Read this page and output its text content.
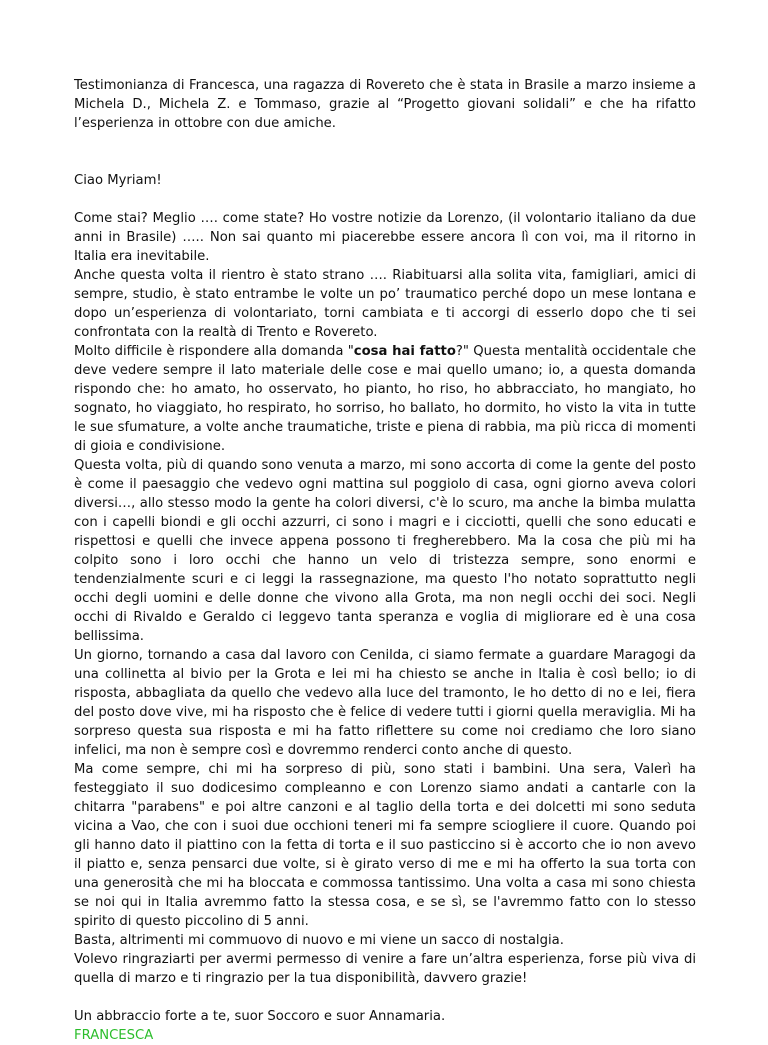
Testimonianza di Francesca, una ragazza di Rovereto che è stata in Brasile a marzo insieme a Michela D., Michela Z. e Tommaso, grazie al “Progetto giovani solidali” e che ha rifatto l’esperienza in ottobre con due amiche.

Ciao Myriam!

Come stai? Meglio …. come state? Ho vostre notizie da Lorenzo, (il volontario italiano da due anni in Brasile) ….. Non sai quanto mi piacerebbe essere ancora lì con voi, ma il ritorno in Italia era inevitabile.

Anche questa volta il rientro è stato strano …. Riabituarsi alla solita vita, famigliari, amici di sempre, studio, è stato entrambe le volte un po’ traumatico perché dopo un mese lontana e dopo un’esperienza di volontariato, torni cambiata e ti accorgi di esserlo dopo che ti sei confrontata con la realtà di Trento e Rovereto.

Molto difficile è rispondere alla domanda "cosa hai fatto?" Questa mentalità occidentale che deve vedere sempre il lato materiale delle cose e mai quello umano; io, a questa domanda rispondo che: ho amato, ho osservato, ho pianto, ho riso, ho abbracciato, ho mangiato, ho sognato, ho viaggiato, ho respirato, ho sorriso, ho ballato, ho dormito, ho visto la vita in tutte le sue sfumature, a volte anche traumatiche, triste e piena di rabbia, ma più ricca di momenti di gioia e condivisione.

Questa volta, più di quando sono venuta a marzo, mi sono accorta di come la gente del posto è come il paesaggio che vedevo ogni mattina sul poggiolo di casa, ogni giorno aveva colori diversi…, allo stesso modo la gente ha colori diversi, c'è lo scuro, ma anche la bimba mulatta con i capelli biondi e gli occhi azzurri, ci sono i magri e i cicciotti, quelli che sono educati e rispettosi e quelli che invece appena possono ti fregherebbero. Ma la cosa che più mi ha colpito sono i loro occhi che hanno un velo di tristezza sempre, sono enormi e tendenzialmente scuri e ci leggi la rassegnazione, ma questo l'ho notato soprattutto negli occhi degli uomini e delle donne che vivono alla Grota, ma non negli occhi dei soci. Negli occhi di Rivaldo e Geraldo ci leggevo tanta speranza e voglia di migliorare ed è una cosa bellissima.

Un giorno, tornando a casa dal lavoro con Cenilda, ci siamo fermate a guardare Maragogi da una collinetta al bivio per la Grota e lei mi ha chiesto se anche in Italia è così bello; io di risposta, abbagliata da quello che vedevo alla luce del tramonto, le ho detto di no e lei, fiera del posto dove vive, mi ha risposto che è felice di vedere tutti i giorni quella meraviglia. Mi ha sorpreso questa sua risposta e mi ha fatto riflettere su come noi crediamo che loro siano infelici, ma non è sempre così e dovremmo renderci conto anche di questo.

Ma come sempre, chi mi ha sorpreso di più, sono stati i bambini. Una sera, Valerì ha festeggiato il suo dodicesimo compleanno e con Lorenzo siamo andati a cantarle con la chitarra "parabens" e poi altre canzoni e al taglio della torta e dei dolcetti mi sono seduta vicina a Vao, che con i suoi due occhioni teneri mi fa sempre sciogliere il cuore. Quando poi gli hanno dato il piattino con la fetta di torta e il suo pasticcino si è accorto che io non avevo il piatto e, senza pensarci due volte, si è girato verso di me e mi ha offerto la sua torta con una generosità che mi ha bloccata e commossa tantissimo. Una volta a casa mi sono chiesta se noi qui in Italia avremmo fatto la stessa cosa, e se sì, se l'avremmo fatto con lo stesso spirito di questo piccolino di 5 anni.

Basta, altrimenti mi commuovo di nuovo e mi viene un sacco di nostalgia.

Volevo ringraziarti per avermi permesso di venire a fare un’altra esperienza, forse più viva di quella di marzo e ti ringrazio per la tua disponibilità, davvero grazie!

Un abbraccio forte a te, suor Soccoro e suor Annamaria.

FRANCESCA
